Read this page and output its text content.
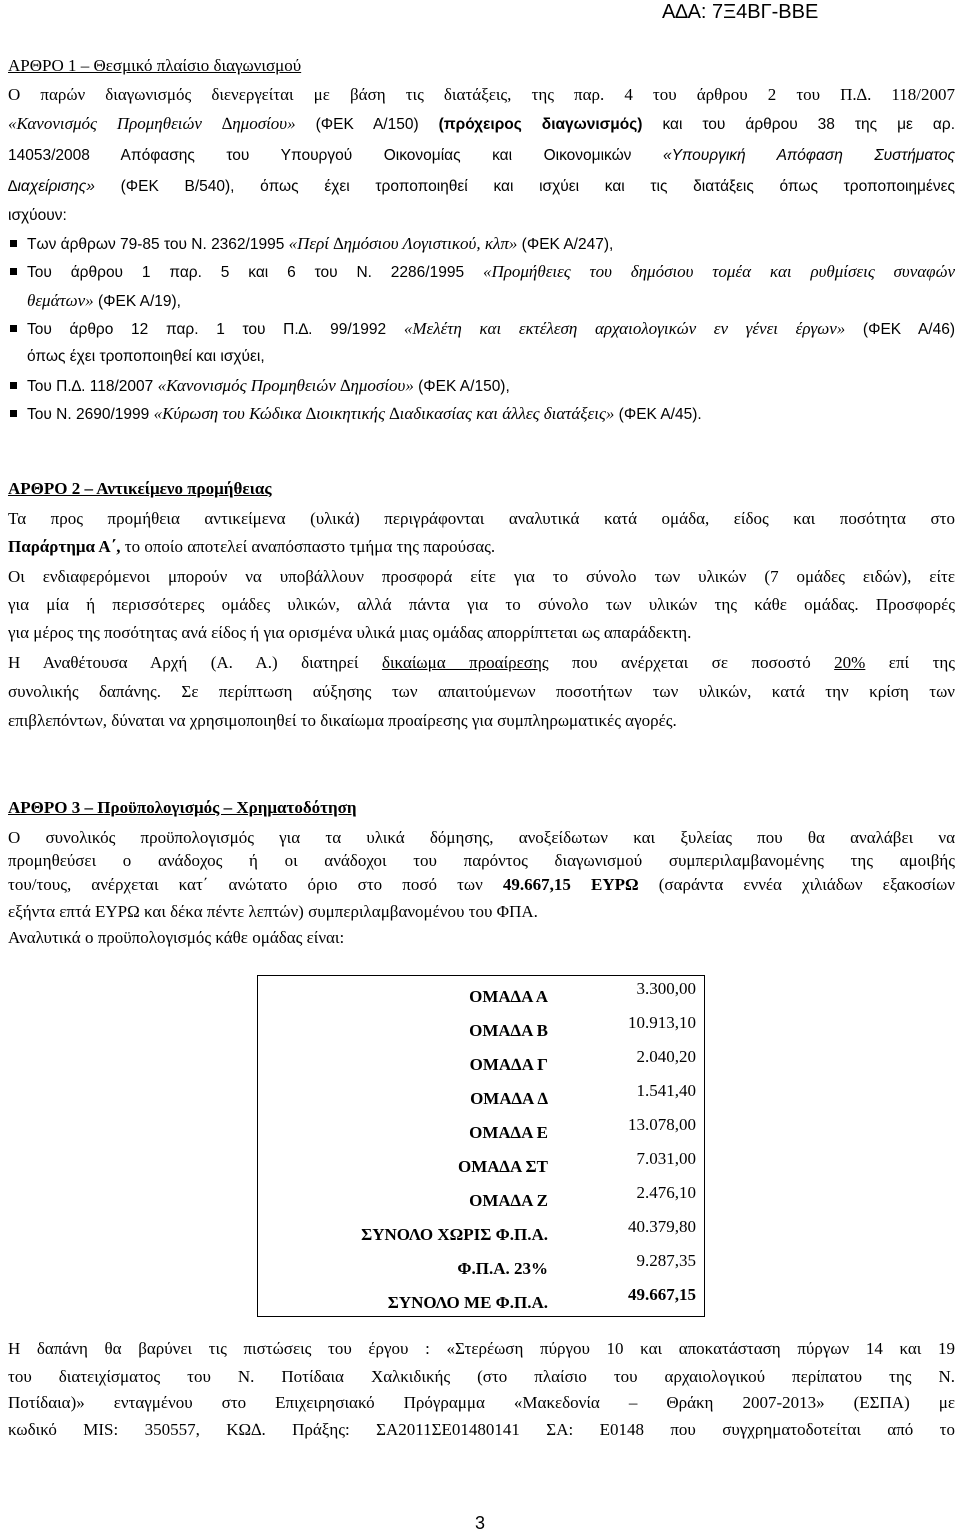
Α∆Α: 7Ξ4ΒΓ-ΒΒΕ
ΑΡΘΡΟ 1 – Θεσμικό πλαίσιο διαγωνισμού
Ο παρών διαγωνισμός διενεργείται με βάση τις διατάξεις, της παρ. 4 του άρθρου 2 του Π.∆. 118/2007
«Κανονισμός Προμηθειών ∆ημοσίου» (ΦΕΚ Α/150) (πρόχειρος διαγωνισμός) και του άρθρου 38 της με αρ.
14053/2008 Απόφασης του Υπουργού Οικονομίας και Οικονομικών «Υπουργική Απόφαση Συστήματος
∆ιαχείρισης» (ΦΕΚ Β/540), όπως έχει τροποποιηθεί και ισχύει και τις διατάξεις όπως τροποποιημένες
ισχύουν:
Των άρθρων 79-85 του Ν. 2362/1995 «Περί ∆ημόσιου Λογιστικού, κλπ» (ΦΕΚ Α/247),
Του άρθρου 1 παρ. 5 και 6 του Ν. 2286/1995 «Προμήθειες του δημόσιου τομέα και ρυθμίσεις συναφών
θεμάτων» (ΦΕΚ Α/19),
Του άρθρο 12 παρ. 1 του Π.∆. 99/1992 «Μελέτη και εκτέλεση αρχαιολογικών εν γένει έργων» (ΦΕΚ Α/46)
όπως έχει τροποποιηθεί και ισχύει,
Του Π.∆. 118/2007 «Κανονισμός Προμηθειών ∆ημοσίου» (ΦΕΚ Α/150),
Του Ν. 2690/1999 «Κύρωση του Κώδικα ∆ιοικητικής ∆ιαδικασίας και άλλες διατάξεις» (ΦΕΚ Α/45).
ΑΡΘΡΟ 2 – Αντικείμενο προμήθειας
Τα προς προμήθεια αντικείμενα (υλικά) περιγράφονται αναλυτικά κατά ομάδα, είδος και ποσότητα στο
Παράρτημα Α΄, το οποίο αποτελεί αναπόσπαστο τμήμα της παρούσας.
Οι ενδιαφερόμενοι μπορούν να υποβάλλουν προσφορά είτε για το σύνολο των υλικών (7 ομάδες ειδών), είτε
για μία ή περισσότερες ομάδες υλικών, αλλά πάντα για το σύνολο των υλικών της κάθε ομάδας. Προσφορές
για μέρος της ποσότητας ανά είδος ή για ορισμένα υλικά μιας ομάδας απορρίπτεται ως απαράδεκτη.
Η Αναθέτουσα Αρχή (Α. Α.) διατηρεί δικαίωμα προαίρεσης που ανέρχεται σε ποσοστό 20% επί της
συνολικής δαπάνης. Σε περίπτωση αύξησης των απαιτούμενων ποσοτήτων των υλικών, κατά την κρίση των
επιβλεπόντων, δύναται να χρησιμοποιηθεί το δικαίωμα προαίρεσης για συμπληρωματικές αγορές.
ΑΡΘΡΟ 3 – Προϋπολογισμός – Χρηματοδότηση
Ο συνολικός προϋπολογισμός για τα υλικά δόμησης, ανοξείδωτων και ξυλείας που θα αναλάβει να
προμηθεύσει ο ανάδοχος ή οι ανάδοχοι του παρόντος διαγωνισμού συμπεριλαμβανομένης της αμοιβής
του/τους, ανέρχεται κατ΄ ανώτατο όριο στο ποσό των 49.667,15 ΕΥΡΩ (σαράντα εννέα χιλιάδων εξακοσίων
εξήντα επτά ΕΥΡΩ και δέκα πέντε λεπτών) συμπεριλαμβανομένου του ΦΠΑ.
Αναλυτικά ο προϋπολογισμός κάθε ομάδας είναι:
ΟΜΑ∆Α Α	3.300,00
ΟΜΑ∆Α Β	10.913,10
ΟΜΑ∆Α Γ	2.040,20
ΟΜΑ∆Α ∆	1.541,40
ΟΜΑ∆Α Ε	13.078,00
ΟΜΑ∆Α ΣΤ	7.031,00
ΟΜΑ∆Α Ζ	2.476,10
ΣΥΝΟΛΟ ΧΩΡΙΣ Φ.Π.Α.	40.379,80
Φ.Π.Α. 23%	9.287,35
ΣΥΝΟΛΟ ΜΕ Φ.Π.Α.	49.667,15
Η δαπάνη θα βαρύνει τις πιστώσεις του έργου : «Στερέωση πύργου 10 και αποκατάσταση πύργων 14 και 19
του διατειχίσματος του Ν. Ποτίδαια Χαλκιδικής (στο πλαίσιο του αρχαιολογικού περίπατου της Ν.
Ποτίδαια)» ενταγμένου στο Επιχειρησιακό Πρόγραμμα «Μακεδονία – Θράκη 2007-2013» (ΕΣΠΑ) με
κωδικό MIS: 350557, ΚΩ∆. Πράξης: ΣΑ2011ΣΕ01480141 ΣΑ: Ε0148 που συγχρηματοδοτείται από το
3
